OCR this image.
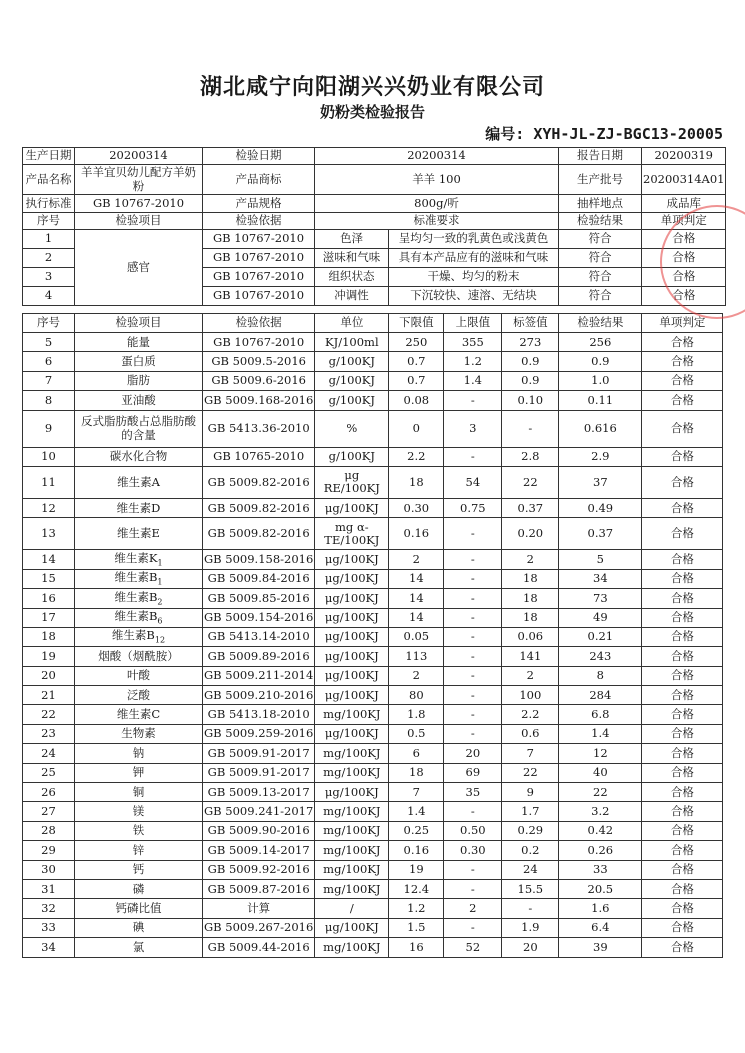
湖北咸宁向阳湖兴兴奶业有限公司
奶粉类检验报告
编号: XYH-JL-ZJ-BGC13-20005
生产日期	20200314	检验日期	20200314		报告日期	20200319
产品名称	羊羊宜贝幼儿配方羊奶粉	产品商标	羊羊 100		生产批号	20200314A01
执行标准	GB 10767-2010	产品规格	800g/听		抽样地点	成品库
序号	检验项目	检验依据	标准要求		检验结果	单项判定
1	感官	GB 10767-2010	色泽	呈均匀一致的乳黄色或浅黄色	符合	合格
2		GB 10767-2010	滋味和气味	具有本产品应有的滋味和气味	符合	合格
3		GB 10767-2010	组织状态	干燥、均匀的粉末	符合	合格
4		GB 10767-2010	冲调性	下沉较快、速溶、无结块	符合	合格
序号	检验项目	检验依据	单位	下限值	上限值	标签值	检验结果	单项判定
5	能量	GB 10767-2010	KJ/100ml	250	355	273	256	合格
6	蛋白质	GB 5009.5-2016	g/100KJ	0.7	1.2	0.9	0.9	合格
7	脂肪	GB 5009.6-2016	g/100KJ	0.7	1.4	0.9	1.0	合格
8	亚油酸	GB 5009.168-2016	g/100KJ	0.08	-	0.10	0.11	合格
9	反式脂肪酸占总脂肪酸的含量	GB 5413.36-2010	%	0	3	-	0.616	合格
10	碳水化合物	GB 10765-2010	g/100KJ	2.2	-	2.8	2.9	合格
11	维生素A	GB 5009.82-2016	μg RE/100KJ	18	54	22	37	合格
12	维生素D	GB 5009.82-2016	μg/100KJ	0.30	0.75	0.37	0.49	合格
13	维生素E	GB 5009.82-2016	mg α-TE/100KJ	0.16	-	0.20	0.37	合格
14	维生素$K_1$	GB 5009.158-2016	μg/100KJ	2	-	2	5	合格
15	维生素$B_1$	GB 5009.84-2016	μg/100KJ	14	-	18	34	合格
16	维生素$B_2$	GB 5009.85-2016	μg/100KJ	14	-	18	73	合格
17	维生素$B_6$	GB 5009.154-2016	μg/100KJ	14	-	18	49	合格
18	维生素$B_{12}$	GB 5413.14-2010	μg/100KJ	0.05	-	0.06	0.21	合格
19	烟酸（烟酰胺）	GB 5009.89-2016	μg/100KJ	113	-	141	243	合格
20	叶酸	GB 5009.211-2014	μg/100KJ	2	-	2	8	合格
21	泛酸	GB 5009.210-2016	μg/100KJ	80	-	100	284	合格
22	维生素C	GB 5413.18-2010	mg/100KJ	1.8	-	2.2	6.8	合格
23	生物素	GB 5009.259-2016	μg/100KJ	0.5	-	0.6	1.4	合格
24	钠	GB 5009.91-2017	mg/100KJ	6	20	7	12	合格
25	钾	GB 5009.91-2017	mg/100KJ	18	69	22	40	合格
26	铜	GB 5009.13-2017	μg/100KJ	7	35	9	22	合格
27	镁	GB 5009.241-2017	mg/100KJ	1.4	-	1.7	3.2	合格
28	铁	GB 5009.90-2016	mg/100KJ	0.25	0.50	0.29	0.42	合格
29	锌	GB 5009.14-2017	mg/100KJ	0.16	0.30	0.2	0.26	合格
30	钙	GB 5009.92-2016	mg/100KJ	19	-	24	33	合格
31	磷	GB 5009.87-2016	mg/100KJ	12.4	-	15.5	20.5	合格
32	钙磷比值	计算	/	1.2	2	-	1.6	合格
33	碘	GB 5009.267-2016	μg/100KJ	1.5	-	1.9	6.4	合格
34	氯	GB 5009.44-2016	mg/100KJ	16	52	20	39	合格
